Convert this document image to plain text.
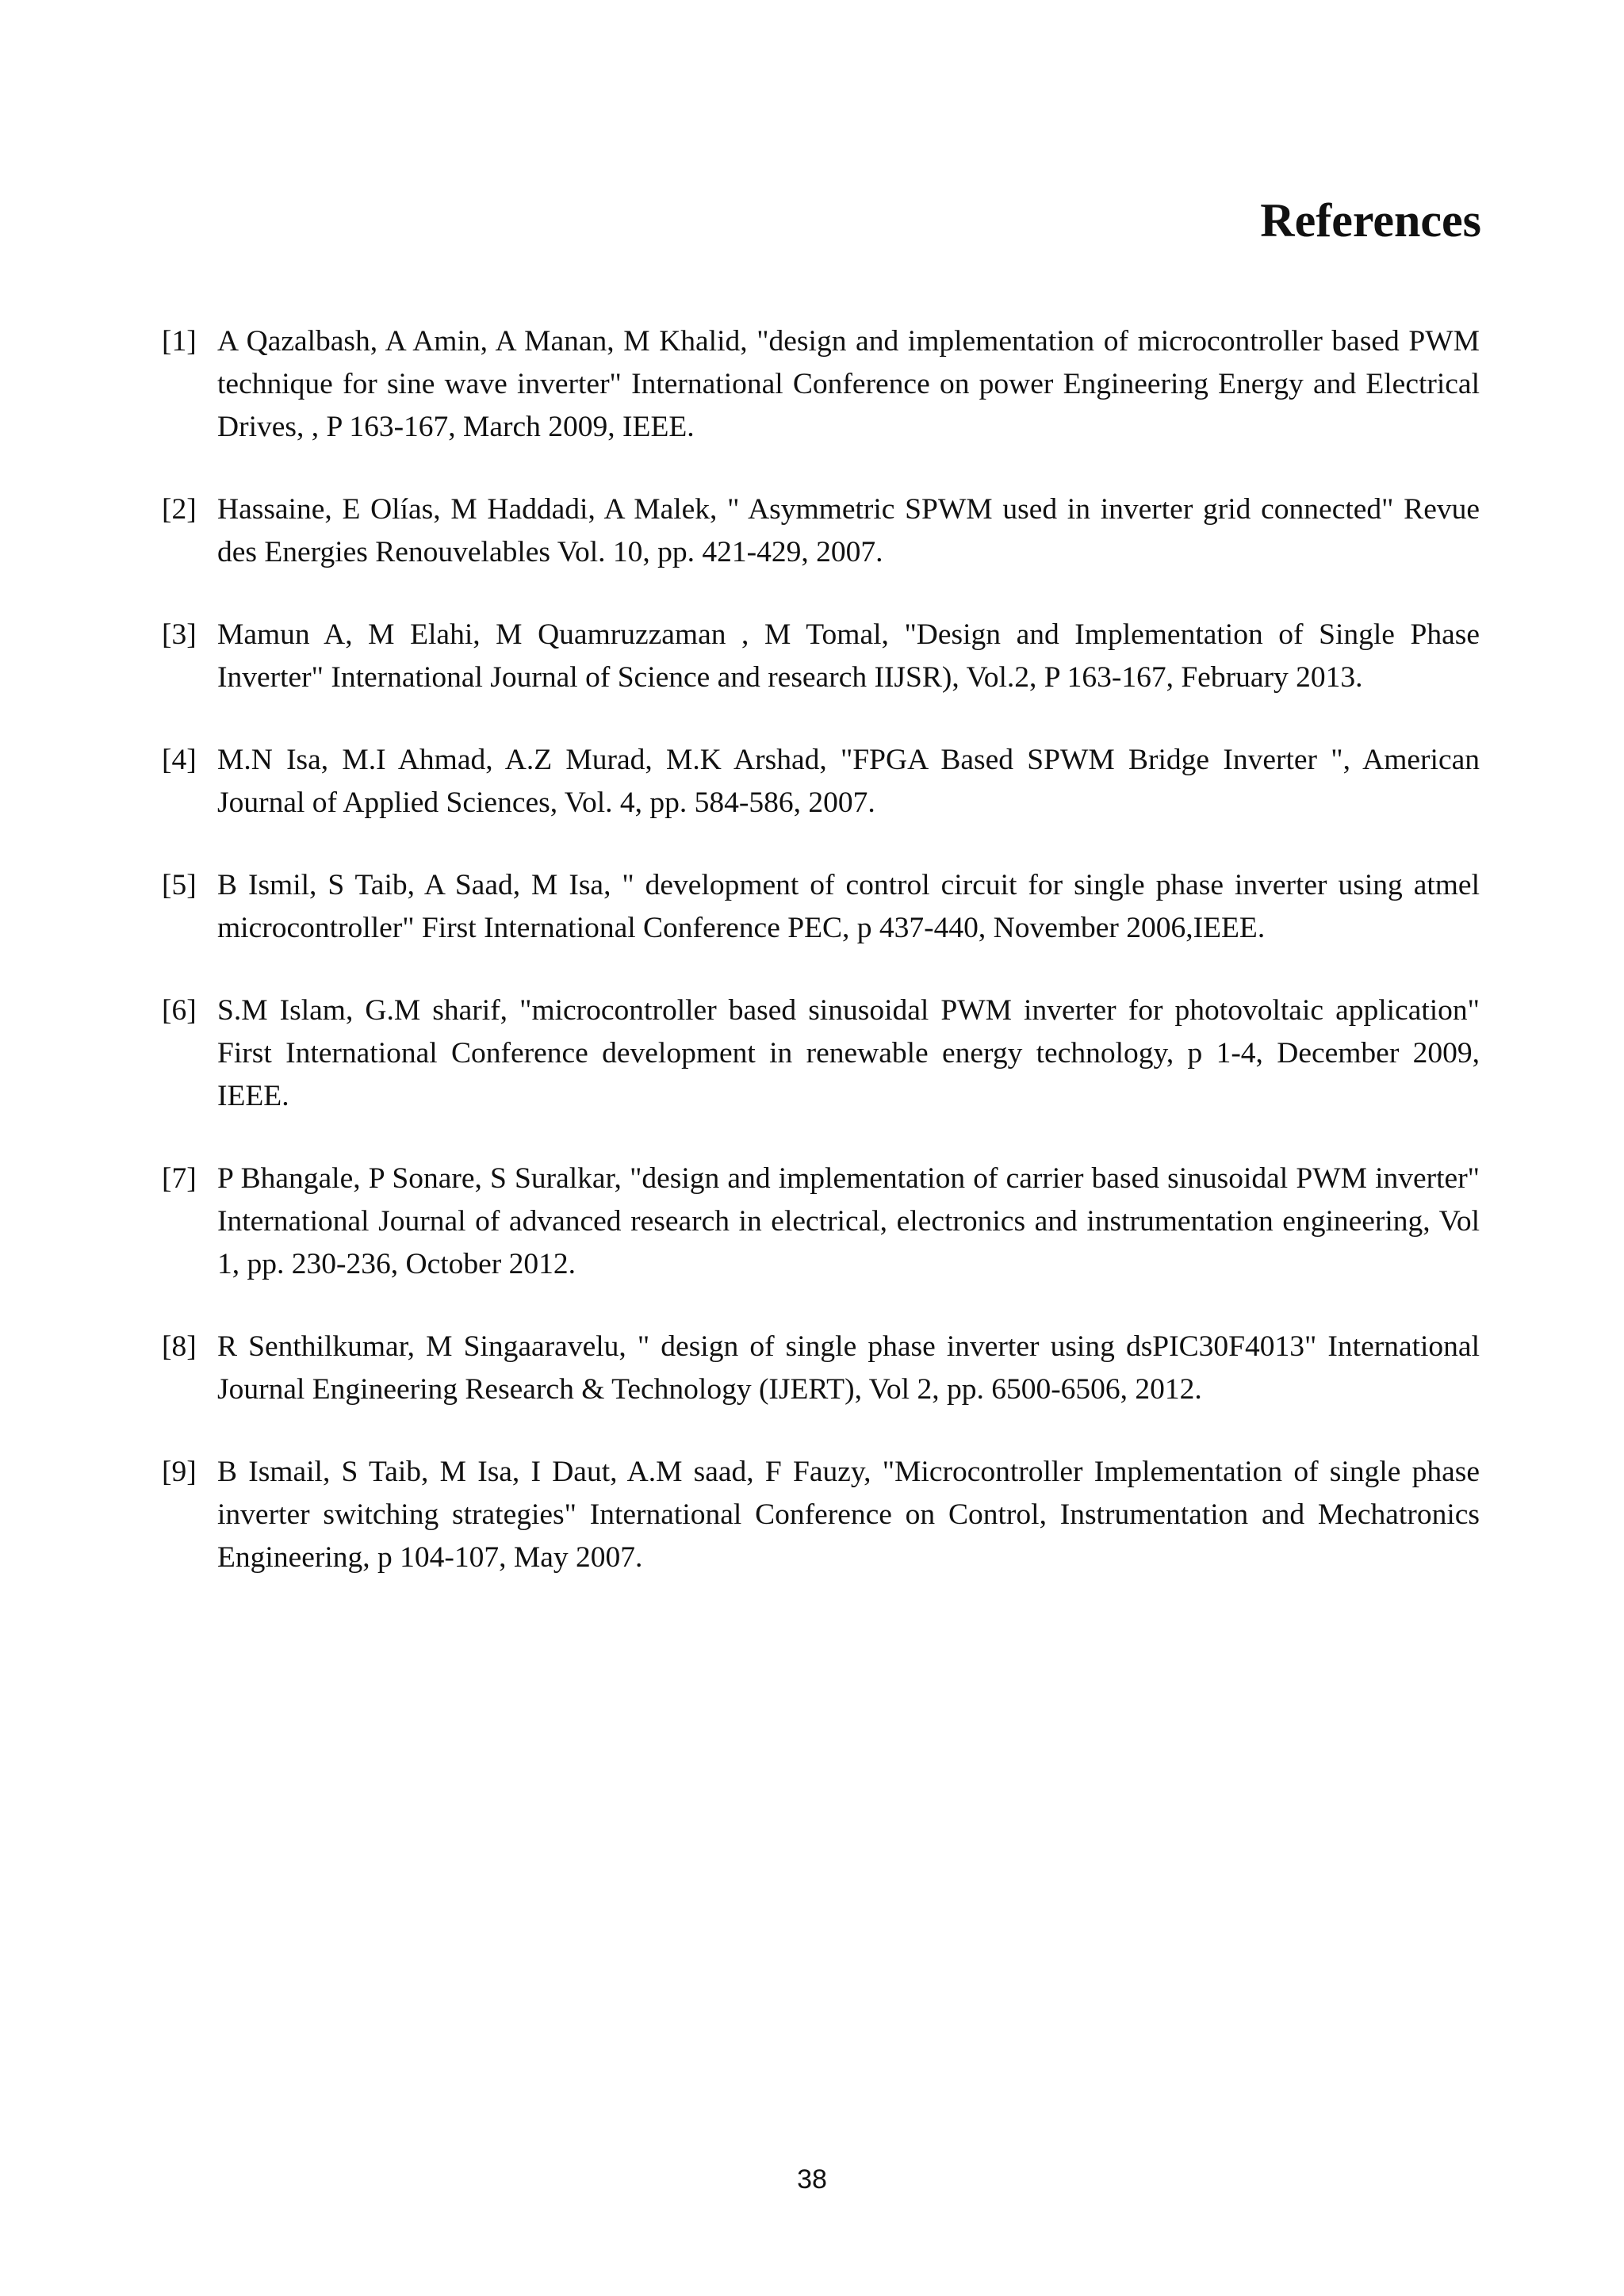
References
[1] A Qazalbash, A Amin, A Manan, M Khalid, "design and implementation of microcontroller based PWM technique for sine wave inverter" International Conference on power Engineering Energy and Electrical Drives, , P 163-167, March 2009, IEEE.
[2] Hassaine, E Olías, M Haddadi, A Malek, " Asymmetric SPWM used in inverter grid connected" Revue des Energies Renouvelables Vol. 10, pp. 421-429, 2007.
[3] Mamun A, M Elahi, M Quamruzzaman , M Tomal, "Design and Implementation of Single Phase Inverter" International Journal of Science and research IIJSR), Vol.2, P 163-167, February 2013.
[4] M.N Isa, M.I Ahmad, A.Z Murad, M.K Arshad, "FPGA Based SPWM Bridge Inverter ", American Journal of Applied Sciences, Vol. 4, pp. 584-586, 2007.
[5] B Ismil, S Taib, A Saad, M Isa, " development of control circuit for single phase inverter using atmel microcontroller" First International Conference PEC, p 437-440, November 2006,IEEE.
[6] S.M Islam, G.M sharif, "microcontroller based sinusoidal PWM inverter for photovoltaic application" First International Conference development in renewable energy technology, p 1-4, December 2009, IEEE.
[7] P Bhangale, P Sonare, S Suralkar, "design and implementation of carrier based sinusoidal PWM inverter" International Journal of advanced research in electrical, electronics and instrumentation engineering, Vol 1, pp. 230-236, October 2012.
[8] R Senthilkumar, M Singaaravelu, " design of single phase inverter using dsPIC30F4013" International Journal Engineering Research & Technology (IJERT), Vol 2, pp. 6500-6506, 2012.
[9] B Ismail, S Taib, M Isa, I Daut, A.M saad, F Fauzy, "Microcontroller Implementation of single phase inverter switching strategies" International Conference on Control, Instrumentation and Mechatronics Engineering, p 104-107, May 2007.
38
